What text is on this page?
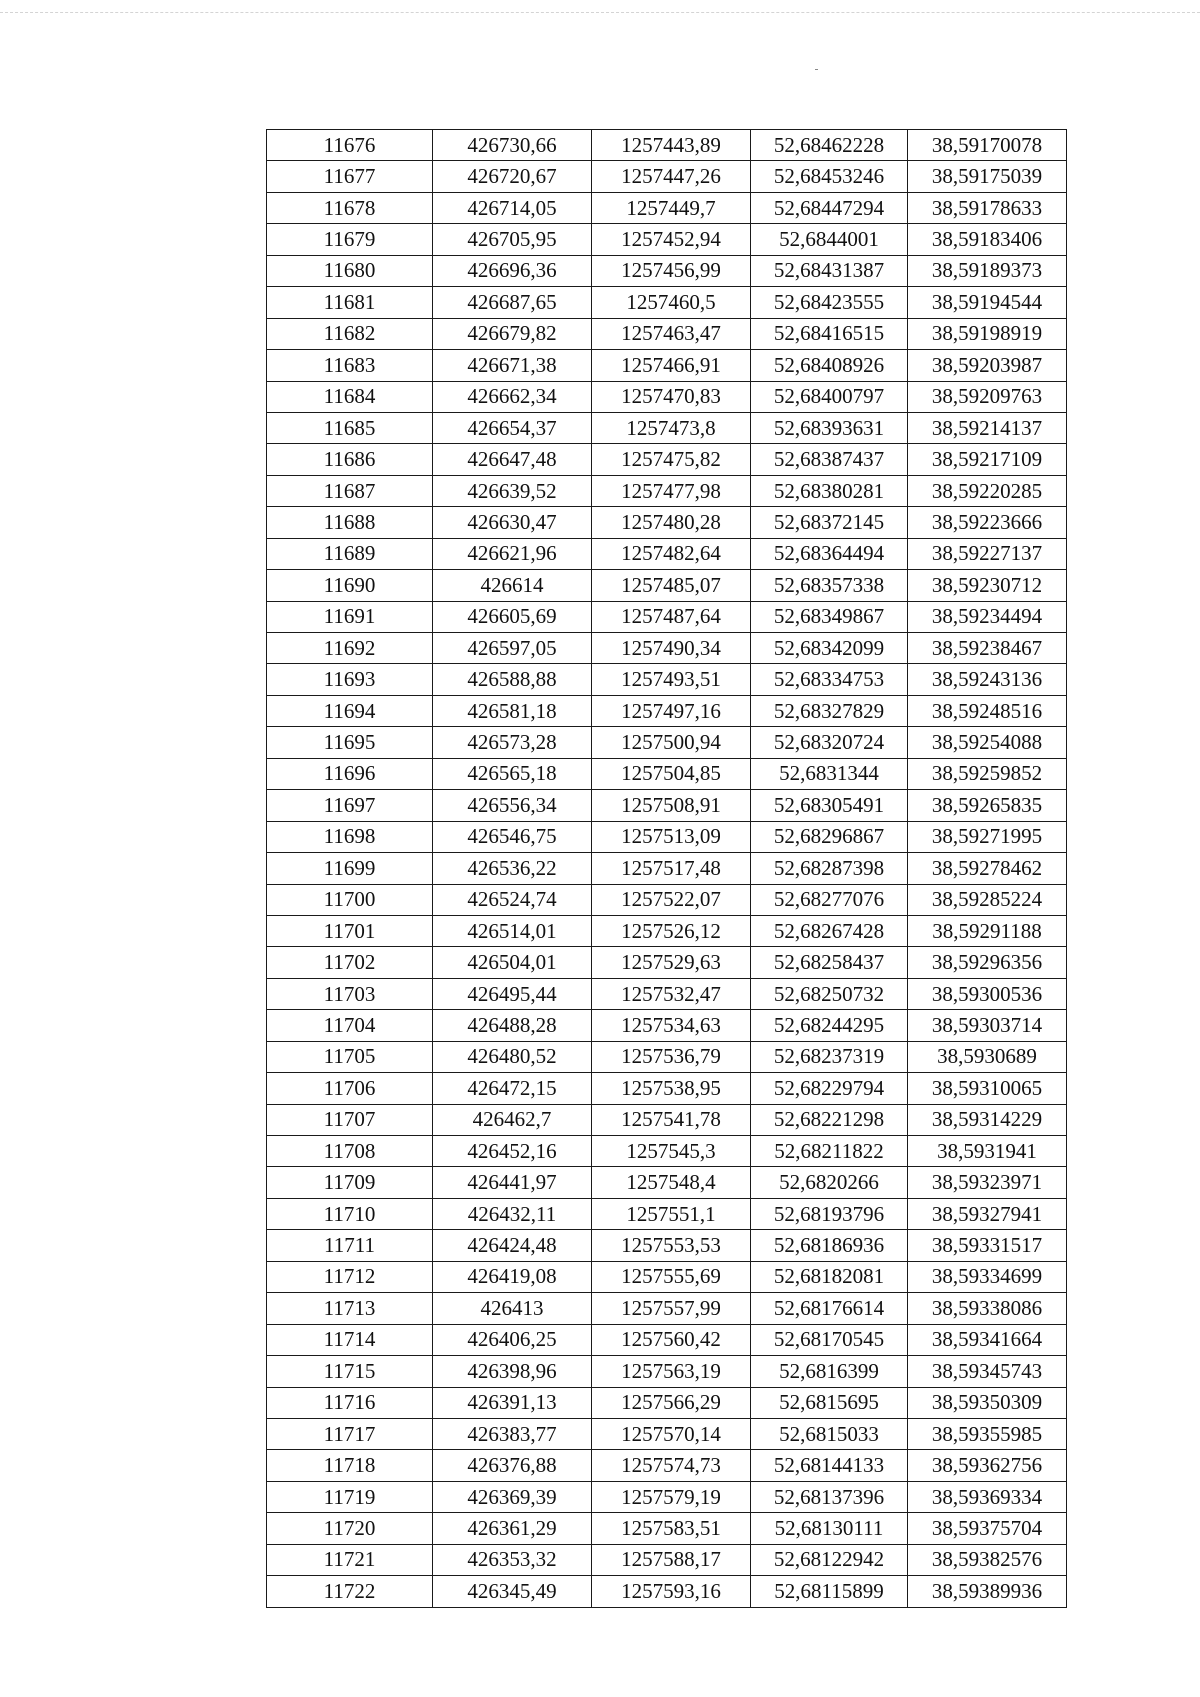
11676	426730,66	1257443,89	52,68462228	38,59170078
11677	426720,67	1257447,26	52,68453246	38,59175039
11678	426714,05	1257449,7	52,68447294	38,59178633
11679	426705,95	1257452,94	52,6844001	38,59183406
11680	426696,36	1257456,99	52,68431387	38,59189373
11681	426687,65	1257460,5	52,68423555	38,59194544
11682	426679,82	1257463,47	52,68416515	38,59198919
11683	426671,38	1257466,91	52,68408926	38,59203987
11684	426662,34	1257470,83	52,68400797	38,59209763
11685	426654,37	1257473,8	52,68393631	38,59214137
11686	426647,48	1257475,82	52,68387437	38,59217109
11687	426639,52	1257477,98	52,68380281	38,59220285
11688	426630,47	1257480,28	52,68372145	38,59223666
11689	426621,96	1257482,64	52,68364494	38,59227137
11690	426614	1257485,07	52,68357338	38,59230712
11691	426605,69	1257487,64	52,68349867	38,59234494
11692	426597,05	1257490,34	52,68342099	38,59238467
11693	426588,88	1257493,51	52,68334753	38,59243136
11694	426581,18	1257497,16	52,68327829	38,59248516
11695	426573,28	1257500,94	52,68320724	38,59254088
11696	426565,18	1257504,85	52,6831344	38,59259852
11697	426556,34	1257508,91	52,68305491	38,59265835
11698	426546,75	1257513,09	52,68296867	38,59271995
11699	426536,22	1257517,48	52,68287398	38,59278462
11700	426524,74	1257522,07	52,68277076	38,59285224
11701	426514,01	1257526,12	52,68267428	38,59291188
11702	426504,01	1257529,63	52,68258437	38,59296356
11703	426495,44	1257532,47	52,68250732	38,59300536
11704	426488,28	1257534,63	52,68244295	38,59303714
11705	426480,52	1257536,79	52,68237319	38,5930689
11706	426472,15	1257538,95	52,68229794	38,59310065
11707	426462,7	1257541,78	52,68221298	38,59314229
11708	426452,16	1257545,3	52,68211822	38,5931941
11709	426441,97	1257548,4	52,6820266	38,59323971
11710	426432,11	1257551,1	52,68193796	38,59327941
11711	426424,48	1257553,53	52,68186936	38,59331517
11712	426419,08	1257555,69	52,68182081	38,59334699
11713	426413	1257557,99	52,68176614	38,59338086
11714	426406,25	1257560,42	52,68170545	38,59341664
11715	426398,96	1257563,19	52,6816399	38,59345743
11716	426391,13	1257566,29	52,6815695	38,59350309
11717	426383,77	1257570,14	52,6815033	38,59355985
11718	426376,88	1257574,73	52,68144133	38,59362756
11719	426369,39	1257579,19	52,68137396	38,59369334
11720	426361,29	1257583,51	52,68130111	38,59375704
11721	426353,32	1257588,17	52,68122942	38,59382576
11722	426345,49	1257593,16	52,68115899	38,59389936
